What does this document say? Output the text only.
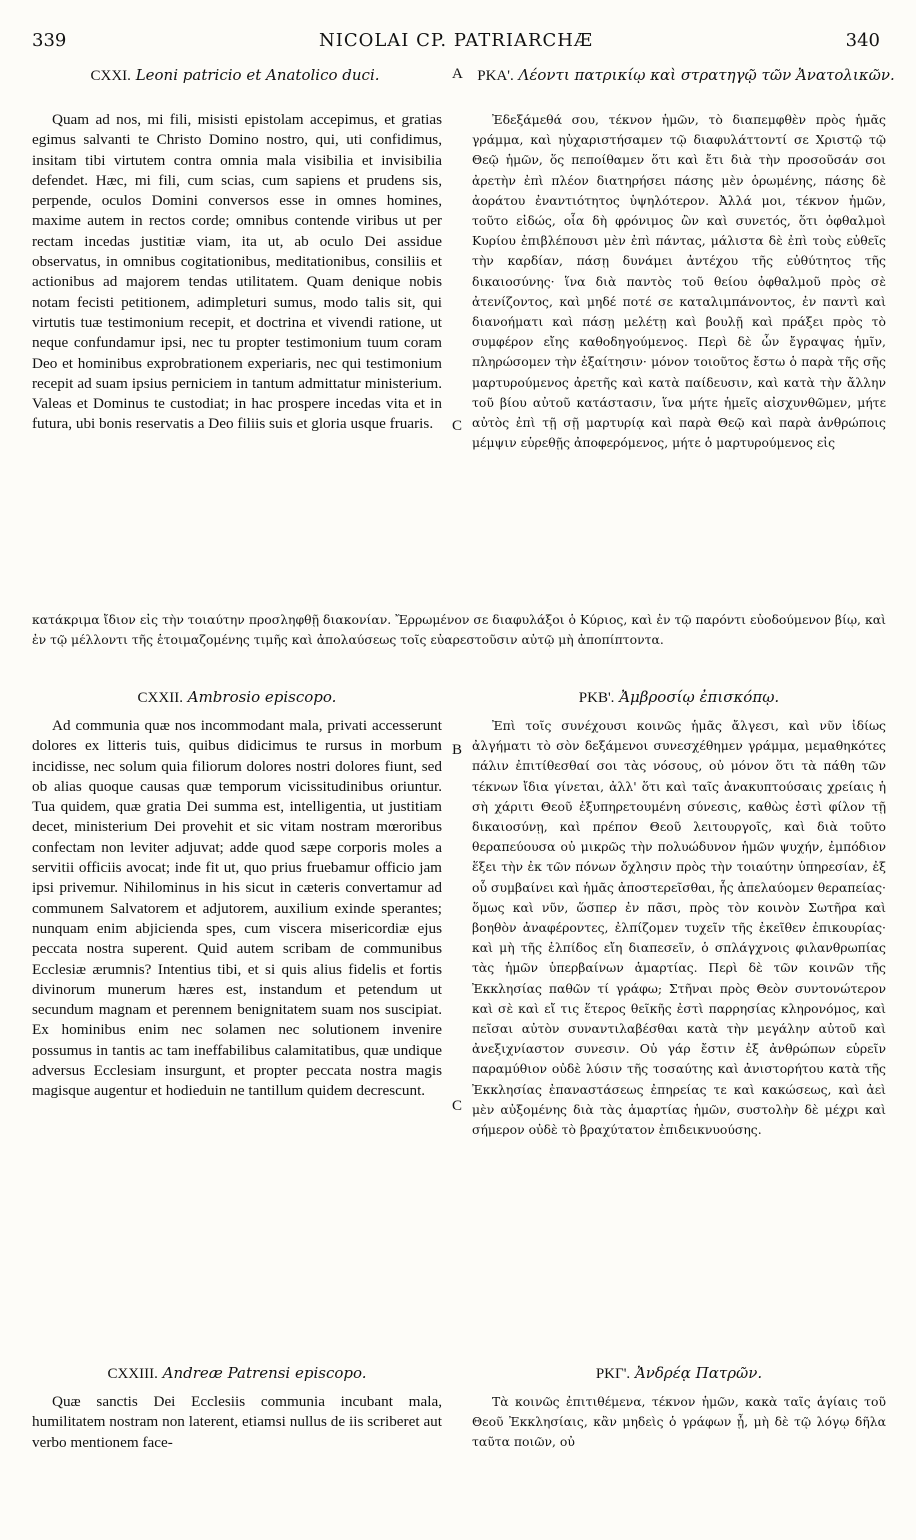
339	NICOLAI CP. PATRIARCHÆ	340
CXXI. Leoni patricio et Anatolico duci.	A ΡΚΑ'. Λέοντι πατρικίῳ καὶ στρατηγῷ τῶν Ἀνατολικῶν.

Quam ad nos, mi fili, misisti epistolam accepimus, et gratias egimus salvanti te Christo Domino nostro, qui, uti confidimus, insitam tibi virtutem contra omnia mala visibilia et invisibilia defendet. Hæc, mi fili, cum scias, cum sapiens et prudens sis, perpende, oculos Domini conversos esse in omnes homines, maxime autem in rectos corde; omnibus contende viribus ut per rectam incedas justitiæ viam, ita ut, ab oculo Dei assidue observatus, in omnibus cogitationibus, meditationibus, consiliis et actionibus ad majorem tendas utilitatem. Quam denique nobis notam fecisti petitionem, adimpleturi sumus, modo talis sit, qui virtutis tuæ testimonium recepit, et doctrina et vivendi ratione, ut neque confundamur ipsi, nec tu propter testimonium tuum coram Deo et hominibus exprobrationem experiaris, nec qui testimonium recepit ad suam ipsius perniciem in tantum admittatur ministerium. Valeas et Dominus te custodiat; in hac prospere incedas vita et in futura, ubi bonis reservatis a Deo filiis suis et gloria usque fruaris.	C

Ἐδεξάμεθά σου, τέκνον ἡμῶν, τὸ διαπεμφθὲν πρὸς ἡμᾶς γράμμα, καὶ ηὐχαριστήσαμεν τῷ διαφυλάττοντί σε Χριστῷ τῷ Θεῷ ἡμῶν, ὅς πεποίθαμεν ὅτι καὶ ἔτι διὰ τὴν προσοῦσάν σοι ἀρετὴν ἐπὶ πλέον διατηρήσει πάσης μὲν ὁρωμένης, πάσης δὲ ἀοράτου ἐναντιότητος ὑψηλότερον. Ἀλλά μοι, τέκνον ἡμῶν, τοῦτο εἰδώς, οἷα δὴ φρόνιμος ὢν καὶ συνετός, ὅτι ὀφθαλμοὶ Κυρίου ἐπιβλέπουσι μὲν ἐπὶ πάντας, μάλιστα δὲ ἐπὶ τοὺς εὐθεῖς τὴν καρδίαν, πάσῃ δυνάμει ἀντέχου τῆς εὐθύτητος τῆς δικαιοσύνης· ἵνα διὰ παντὸς τοῦ θείου ὀφθαλμοῦ πρὸς σὲ ἀτενίζοντος, καὶ μηδέ ποτέ σε καταλιμπάνοντος, ἐν παντὶ καὶ διανοήματι καὶ πάσῃ μελέτῃ καὶ βουλῇ καὶ πράξει πρὸς τὸ συμφέρον εἴης καθοδηγούμενος. Περὶ δὲ ὧν ἔγραψας ἡμῖν, πληρώσομεν τὴν ἐξαίτησιν· μόνον τοιοῦτος ἔστω ὁ παρὰ τῆς σῆς μαρτυρούμενος ἀρετῆς καὶ κατὰ παίδευσιν, καὶ κατὰ τὴν ἄλλην τοῦ βίου αὐτοῦ κατάστασιν, ἵνα μήτε ἡμεῖς αἰσχυνθῶμεν, μήτε αὐτὸς ἐπὶ τῇ σῇ μαρτυρίᾳ καὶ παρὰ Θεῷ καὶ παρὰ ἀνθρώποις μέμψιν εὑρεθῇς ἀποφερόμενος, μήτε ὁ μαρτυρούμενος εἰς

κατάκριμα ἴδιον εἰς τὴν τοιαύτην προσληφθῇ διακονίαν. Ἔρρωμένον σε διαφυλάξοι ὁ Κύριος, καὶ ἐν τῷ παρόντι εὐοδούμενον βίῳ, καὶ ἐν τῷ μέλλοντι τῆς ἑτοιμαζομένης τιμῆς καὶ ἀπολαύσεως τοῖς εὐαρεστοῦσιν αὐτῷ μὴ ἀποπίπτοντα.
CXXII. Ambrosio episcopo.	ΡΚΒ'. Ἀμβροσίῳ ἐπισκόπῳ.

Ad communia quæ nos incommodant mala, privati accesserunt dolores ex litteris tuis, quibus didicimus te rursus in morbum incidisse, nec solum quia filiorum dolores nostri dolores fiunt, sed ob alias quoque causas quæ temporum vicissitudinibus oriuntur. Tua quidem, quæ gratia Dei summa est, intelligentia, ut justitiam decet, ministerium Dei provehit et sic vitam nostram mœroribus confectam non leviter adjuvat; adde quod sæpe corporis moles a servitii officiis avocat; inde fit ut, quo prius fruebamur officio jam ipsi privemur. Nihilominus in his sicut in cæteris convertamur ad communem Salvatorem et adjutorem, auxilium exinde sperantes; nunquam enim abjicienda spes, cum viscera misericordiæ ejus peccata nostra superent. Quid autem scribam de communibus Ecclesiæ ærumnis? Intentius tibi, et si quis alius fidelis et fortis divinorum munerum hæres est, instandum et petendum ut secundum magnam et perennem benignitatem suam nos suscipiat. Ex hominibus enim nec solamen nec solutionem invenire possumus in tantis ac tam ineffabilibus calamitatibus, quæ undique adversus Ecclesiam insurgunt, et propter peccata nostra magis magisque augentur et hodieduin ne tantillum quidem decrescunt.

B
C

Ἐπὶ τοῖς συνέχουσι κοινῶς ἡμᾶς ἄλγεσι, καὶ νῦν ἰδίως ἀλγήματι τὸ σὸν δεξάμενοι συνεσχέθημεν γράμμα, μεμαθηκότες πάλιν ἐπιτίθεσθαί σοι τὰς νόσους, οὐ μόνον ὅτι τὰ πάθη τῶν τέκνων ἴδια γίνεται, ἀλλ' ὅτι καὶ ταῖς ἀνακυπτούσαις χρείαις ἡ σὴ χάριτι Θεοῦ ἐξυπηρετουμένη σύνεσις, καθὼς ἐστὶ φίλον τῇ δικαιοσύνῃ, καὶ πρέπον Θεοῦ λειτουργοῖς, καὶ διὰ τοῦτο θεραπεύουσα οὐ μικρῶς τὴν πολυώδυνον ἡμῶν ψυχήν, ἐμπόδιον ἕξει τὴν ἐκ τῶν πόνων ὄχλησιν πρὸς τὴν τοιαύτην ὑπηρεσίαν, ἐξ οὗ συμβαίνει καὶ ἡμᾶς ἀποστερεῖσθαι, ἧς ἀπελαύομεν θεραπείας· ὅμως καὶ νῦν, ὥσπερ ἐν πᾶσι, πρὸς τὸν κοινὸν Σωτῆρα καὶ βοηθὸν ἀναφέροντες, ἐλπίζομεν τυχεῖν τῆς ἐκεῖθεν ἐπικουρίας· καὶ μὴ τῆς ἐλπίδος εἴη διαπεσεῖν, ὁ σπλάγχνοις φιλανθρωπίας τὰς ἡμῶν ὑπερβαίνων ἁμαρτίας. Περὶ δὲ τῶν κοινῶν τῆς Ἐκκλησίας παθῶν τί γράφω; Στῆναι πρὸς Θεὸν συντονώτερον καὶ σὲ καὶ εἴ τις ἕτερος θεῖκῆς ἐστὶ παρρησίας κληρονόμος, καὶ πεῖσαι αὐτὸν συναντιλαβέσθαι κατὰ τὴν μεγάλην αὐτοῦ καὶ ἀνεξιχνίαστον συνεσιν. Οὐ γάρ ἔστιν ἐξ ἀνθρώπων εὑρεῖν παραμύθιον οὐδὲ λύσιν τῆς τοσαύτης καὶ ἀνιστορήτου κατὰ τῆς Ἐκκλησίας ἐπαναστάσεως ἐπηρείας τε καὶ κακώσεως, καὶ ἀεὶ μὲν αὐξομένης διὰ τὰς ἁμαρτίας ἡμῶν, συστολὴν δὲ μέχρι καὶ σήμερον οὐδὲ τὸ βραχύτατον ἐπιδεικνυούσης.

CXXIII. Andreæ Patrensi episcopo.	ΡΚΓ'. Ἀνδρέᾳ Πατρῶν.

Quæ sanctis Dei Ecclesiis communia incubant mala, humilitatem nostram non laterent, etiamsi nullus de iis scriberet aut verbo mentionem face-

Τὰ κοινῶς ἐπιτιθέμενα, τέκνον ἡμῶν, κακὰ ταῖς ἁγίαις τοῦ Θεοῦ Ἐκκλησίαις, κἂν μηδεὶς ὁ γράφων ᾖ, μὴ δὲ τῷ λόγῳ δῆλα ταῦτα ποιῶν, οὐ
